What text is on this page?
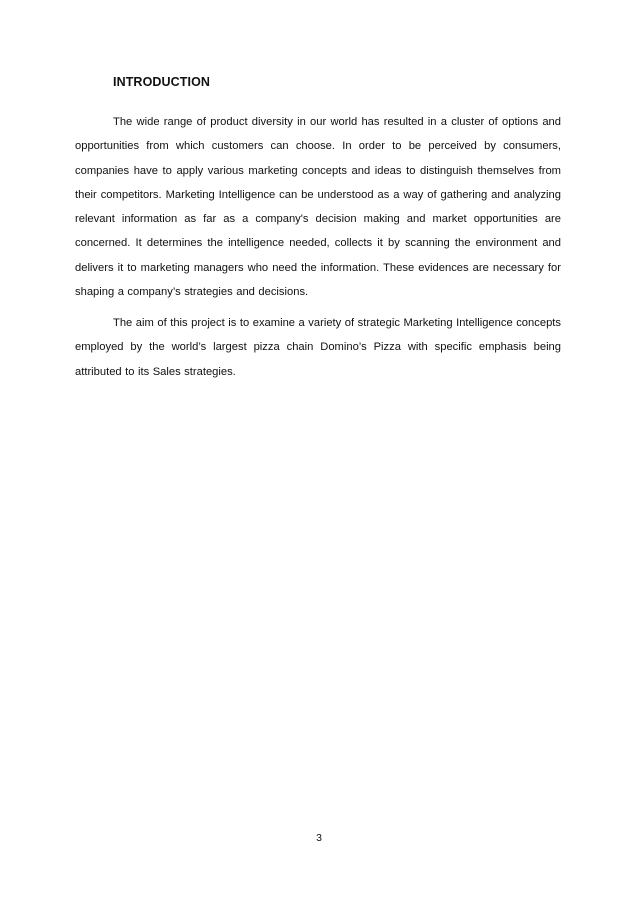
INTRODUCTION

The wide range of product diversity in our world has resulted in a cluster of options and opportunities from which customers can choose. In order to be perceived by consumers, companies have to apply various marketing concepts and ideas to distinguish themselves from their competitors. Marketing Intelligence can be understood as a way of gathering and analyzing relevant information as far as a company's decision making and market opportunities are concerned. It determines the intelligence needed, collects it by scanning the environment and delivers it to marketing managers who need the information. These evidences are necessary for shaping a company’s strategies and decisions.

The aim of this project is to examine a variety of strategic Marketing Intelligence concepts employed by the world’s largest pizza chain Domino’s Pizza with specific emphasis being attributed to its Sales strategies.

3
